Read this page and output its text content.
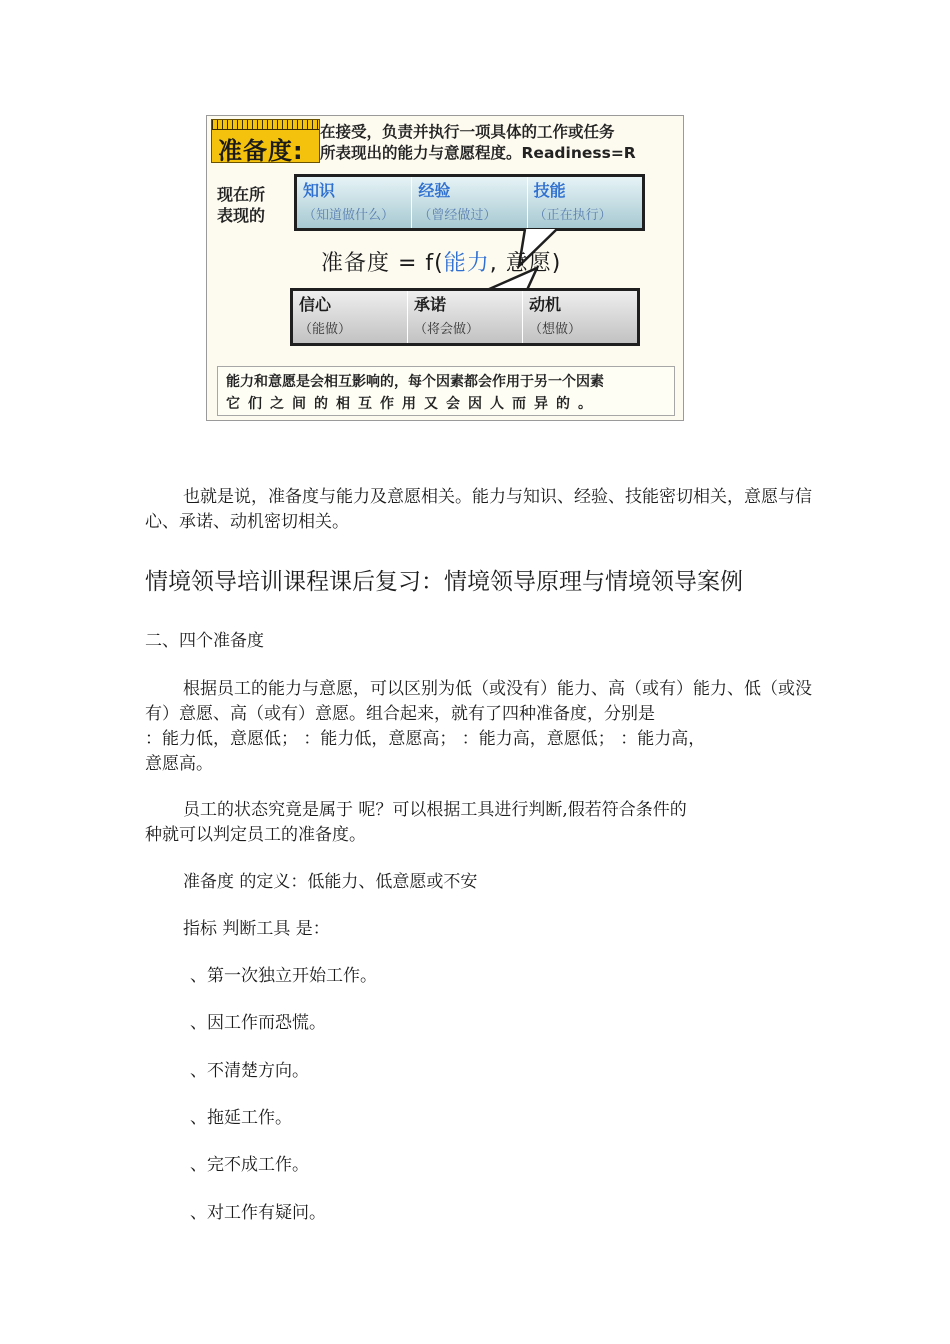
准备度:
在接受，负责并执行一项具体的工作或任务
所表现出的能力与意愿程度。Readiness=R
现在所
表现的
知识
（知道做什么）
经验
（曾经做过）
技能
（正在执行）
准备度 = f(能力, 意愿)
信心
（能做）
承诺
（将会做）
动机
（想做）
能力和意愿是会相互影响的，每个因素都会作用于另一个因素
它们之间的相互作用又会因人而异的。
也就是说，准备度与能力及意愿相关。能力与知识、经验、技能密切相关，意愿与信心、承诺、动机密切相关。
情境领导培训课程课后复习：情境领导原理与情境领导案例
二、四个准备度
根据员工的能力与意愿，可以区别为低（或没有）能力、高（或有）能力、低（或没有）意愿、高（或有）意愿。组合起来，就有了四种准备度，分别是
：能力低，意愿低； ：能力低，意愿高； ：能力高，意愿低； ：能力高，
意愿高。
员工的状态究竟是属于 呢？可以根据工具进行判断,假若符合条件的
种就可以判定员工的准备度。
准备度 的定义：低能力、低意愿或不安
指标 判断工具 是：
、第一次独立开始工作。
、因工作而恐慌。
、不清楚方向。
、拖延工作。
、完不成工作。
、对工作有疑问。
